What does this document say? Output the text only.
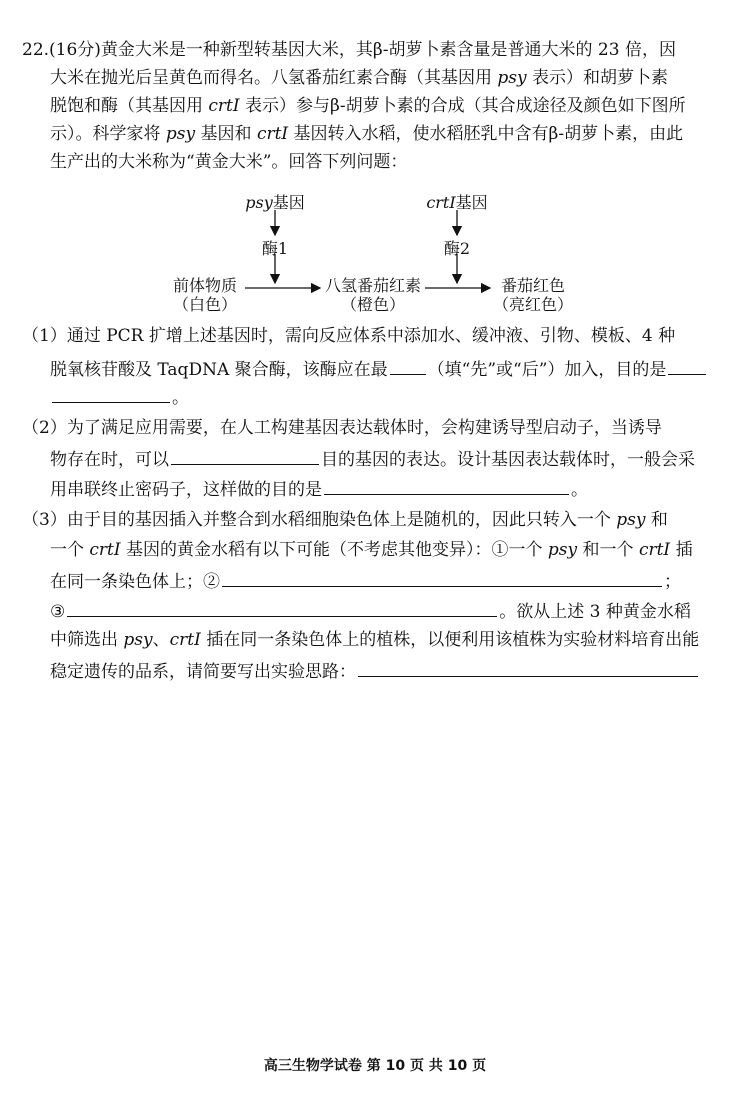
22.(16分)黄金大米是一种新型转基因大米，其β-胡萝卜素含量是普通大米的 23 倍，因
大米在抛光后呈黄色而得名。八氢番茄红素合酶（其基因用 psy 表示）和胡萝卜素
脱饱和酶（其基因用 crtI 表示）参与β-胡萝卜素的合成（其合成途径及颜色如下图所
示）。科学家将 psy 基因和 crtI 基因转入水稻，使水稻胚乳中含有β-胡萝卜素，由此
生产出的大米称为“黄金大米”。回答下列问题：
psy基因	crtI基因
酶1	酶2
前体物质
（白色）
八氢番茄红素
（橙色）
番茄红色
（亮红色）
（1）通过 PCR 扩增上述基因时，需向反应体系中添加水、缓冲液、引物、模板、4 种
脱氧核苷酸及 TaqDNA 聚合酶，该酶应在最 （填“先”或“后”）加入，目的是
。
（2）为了满足应用需要，在人工构建基因表达载体时，会构建诱导型启动子，当诱导
物存在时，可以	目的基因的表达。设计基因表达载体时，一般会采
用串联终止密码子，这样做的目的是	。
（3）由于目的基因插入并整合到水稻细胞染色体上是随机的，因此只转入一个 psy 和
一个 crtI 基因的黄金水稻有以下可能（不考虑其他变异）：①一个 psy 和一个 crtI 插
在同一条染色体上；②	；
③	。欲从上述 3 种黄金水稻
中筛选出 psy、crtI 插在同一条染色体上的植株，以便利用该植株为实验材料培育出能
稳定遗传的品系，请简要写出实验思路：
高三生物学试卷 第 10 页 共 10 页
